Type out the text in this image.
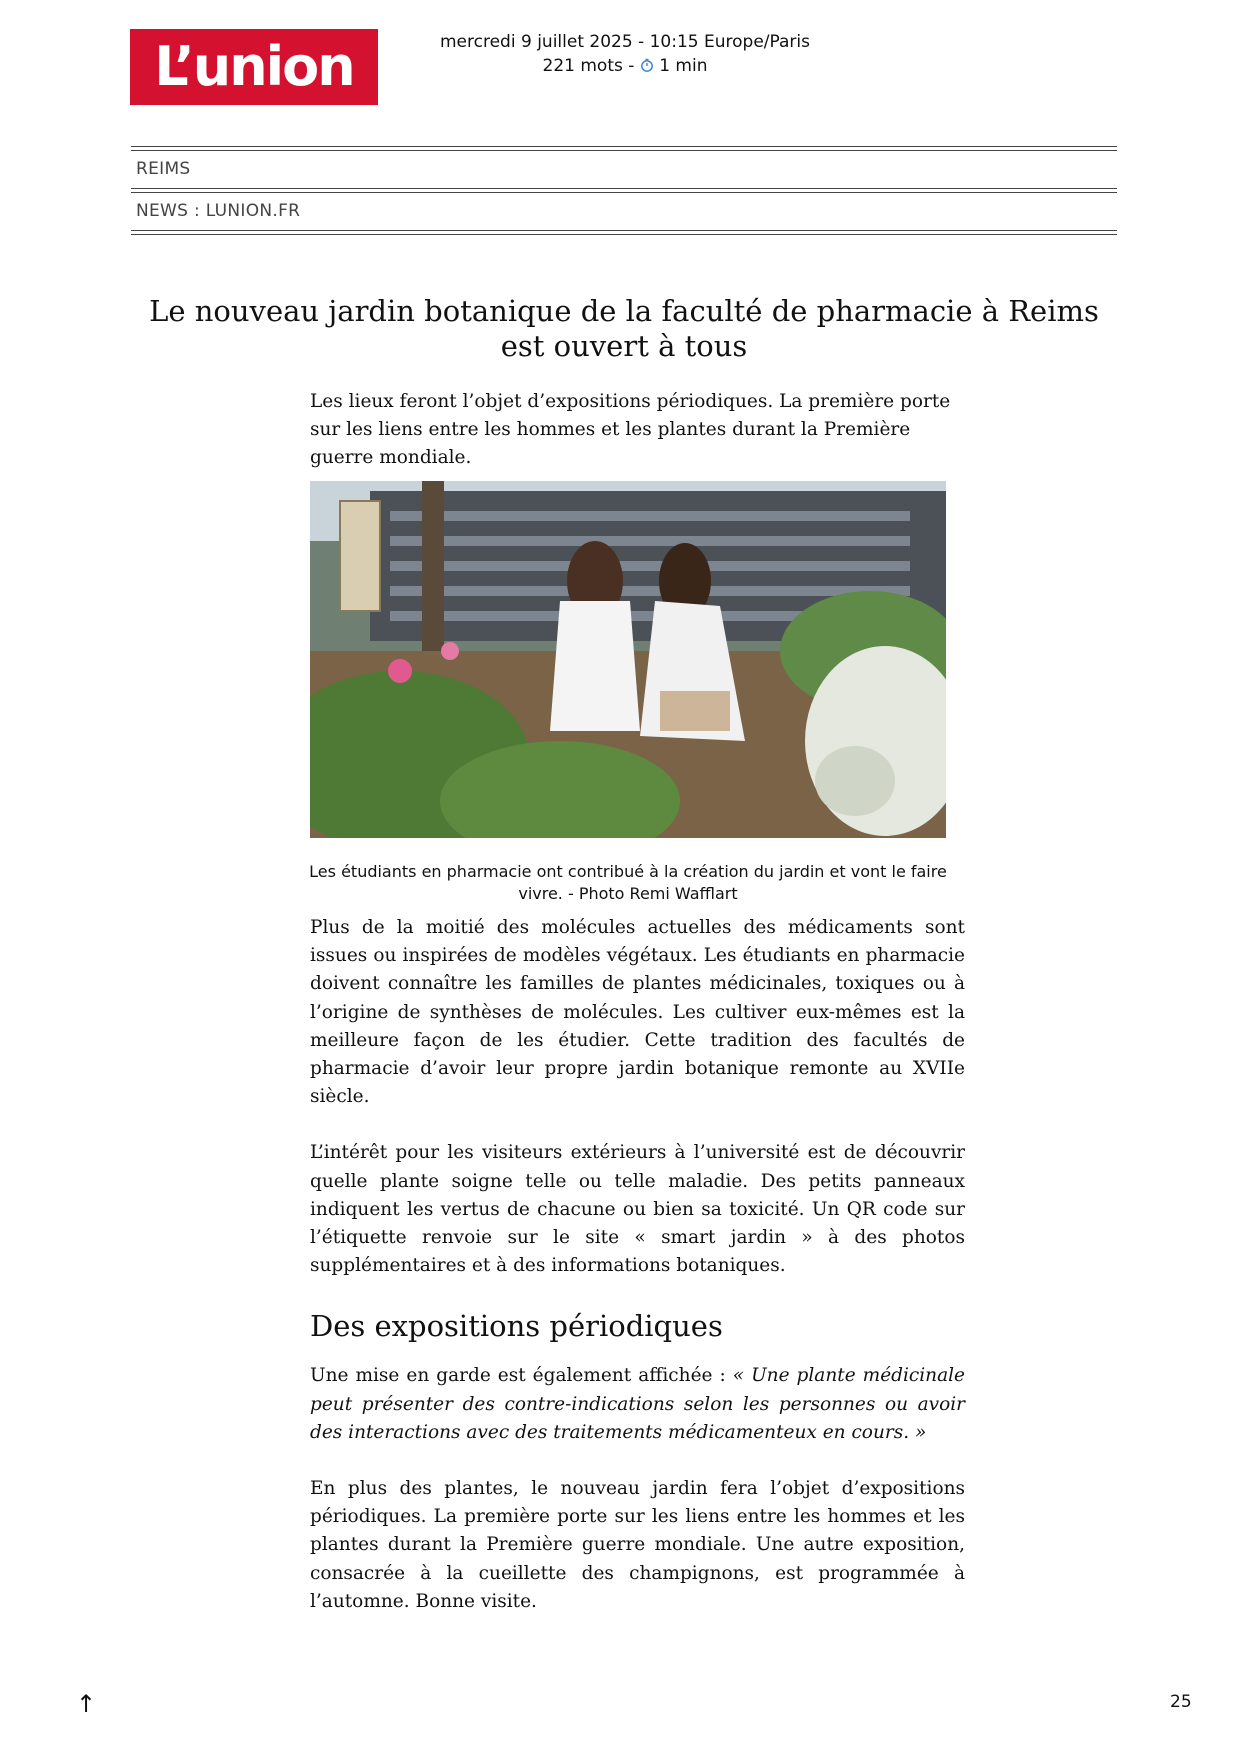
L’union	mercredi 9 juillet 2025 - 10:15 Europe/Paris
221 mots - 1 min
REIMS
NEWS : LUNION.FR
Le nouveau jardin botanique de la faculté de pharmacie à Reims est ouvert à tous

Les lieux feront l’objet d’expositions périodiques. La première porte sur les liens entre les hommes et les plantes durant la Première guerre mondiale.

Les étudiants en pharmacie ont contribué à la création du jardin et vont le faire vivre. - Photo Remi Wafflart

Plus de la moitié des molécules actuelles des médicaments sont issues ou inspirées de modèles végétaux. Les étudiants en pharmacie doivent connaître les familles de plantes médicinales, toxiques ou à l’origine de synthèses de molécules. Les cultiver eux-mêmes est la meilleure façon de les étudier. Cette tradition des facultés de pharmacie d’avoir leur propre jardin botanique remonte au XVIIe siècle.

L’intérêt pour les visiteurs extérieurs à l’université est de découvrir quelle plante soigne telle ou telle maladie. Des petits panneaux indiquent les vertus de chacune ou bien sa toxicité. Un QR code sur l’étiquette renvoie sur le site « smart jardin » à des photos supplémentaires et à des informations botaniques.

Des expositions périodiques

Une mise en garde est également affichée : « Une plante médicinale peut présenter des contre-indications selon les personnes ou avoir des interactions avec des traitements médicamenteux en cours. »

En plus des plantes, le nouveau jardin fera l’objet d’expositions périodiques. La première porte sur les liens entre les hommes et les plantes durant la Première guerre mondiale. Une autre exposition, consacrée à la cueillette des champignons, est programmée à l’automne. Bonne visite.

↑	25
